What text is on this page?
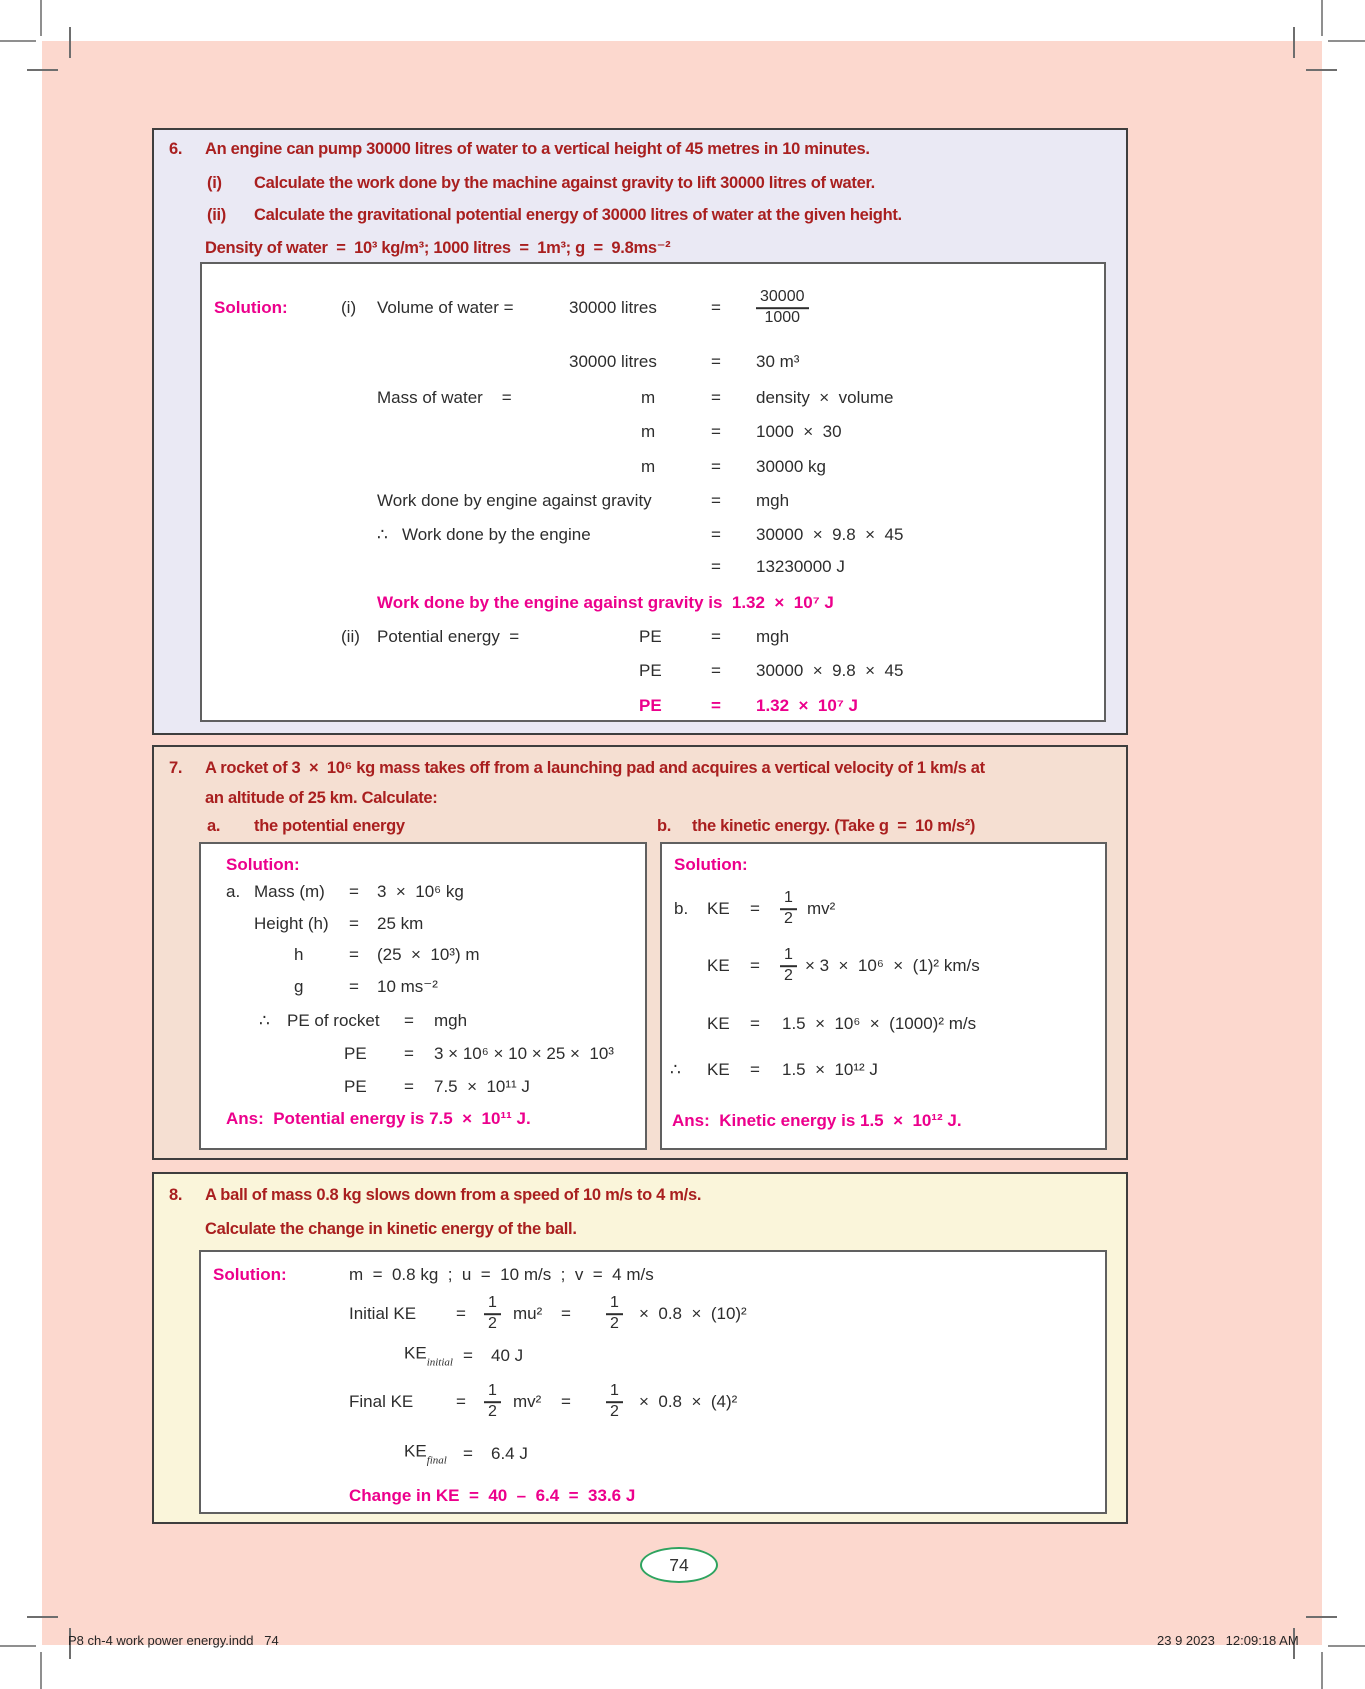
6. An engine can pump 30000 litres of water to a vertical height of 45 metres in 10 minutes.
(i) Calculate the work done by the machine against gravity to lift 30000 litres of water.
(ii) Calculate the gravitational potential energy of 30000 litres of water at the given height.
Density of water  =  10³ kg/m³; 1000 litres  =  1m³; g  =  9.8ms⁻²
Solution:	(i) Volume of water =	30000 litres	= $\frac{30000}{1000}$
30000 litres	= 30 m³
Mass of water    =	m	= density  ×  volume
m	= 1000  ×  30
m	= 30000 kg
Work done by engine against gravity	= mgh
∴   Work done by the engine	= 30000  ×  9.8  ×  45
= 13230000 J
Work done by the engine against gravity is  1.32  ×  10⁷ J
(ii) Potential energy  =	PE	= mgh
PE	= 30000  ×  9.8  ×  45
PE	= 1.32  ×  10⁷ J
7. A rocket of 3  ×  10⁶ kg mass takes off from a launching pad and acquires a vertical velocity of 1 km/s at
an altitude of 25 km. Calculate:
a. the potential energy	b. the kinetic energy. (Take g  =  10 m/s²)
Solution:
a. Mass (m) = 3  ×  10⁶ kg
Height (h) = 25 km
h	= (25  ×  10³) m
g	= 10 ms⁻²
∴ PE of rocket = mgh
PE = 3 × 10⁶ × 10 × 25 ×  10³
PE = 7.5  ×  10¹¹ J
Ans:  Potential energy is 7.5  ×  10¹¹ J.
Solution:
b. KE = $\frac{1}{2} mv^2$
KE = $\frac{1}{2} \times 3 \times 10^6 \times (1)^2$ km/s
KE = 1.5  ×  10⁶  ×  (1000)² m/s
∴ KE = 1.5  ×  10¹² J
Ans:  Kinetic energy is 1.5  ×  10¹² J.
8. A ball of mass 0.8 kg slows down from a speed of 10 m/s to 4 m/s.
Calculate the change in kinetic energy of the ball.
Solution:	m  =  0.8 kg  ;  u  =  10 m/s  ;  v  =  4 m/s
Initial KE = $\frac{1}{2} mu^2 = \frac{1}{2} \times 0.8 \times (10)^2$
$KE_{initial} = 40$ J
Final KE	= $\frac{1}{2} mv^2 = \frac{1}{2} \times 0.8 \times (4)^2$
$KE_{final} = 6.4$ J
Change in KE  =  40  –  6.4  =  33.6 J
74
P8 ch-4 work power energy.indd   74	23 9 2023   12:09:18 AM
